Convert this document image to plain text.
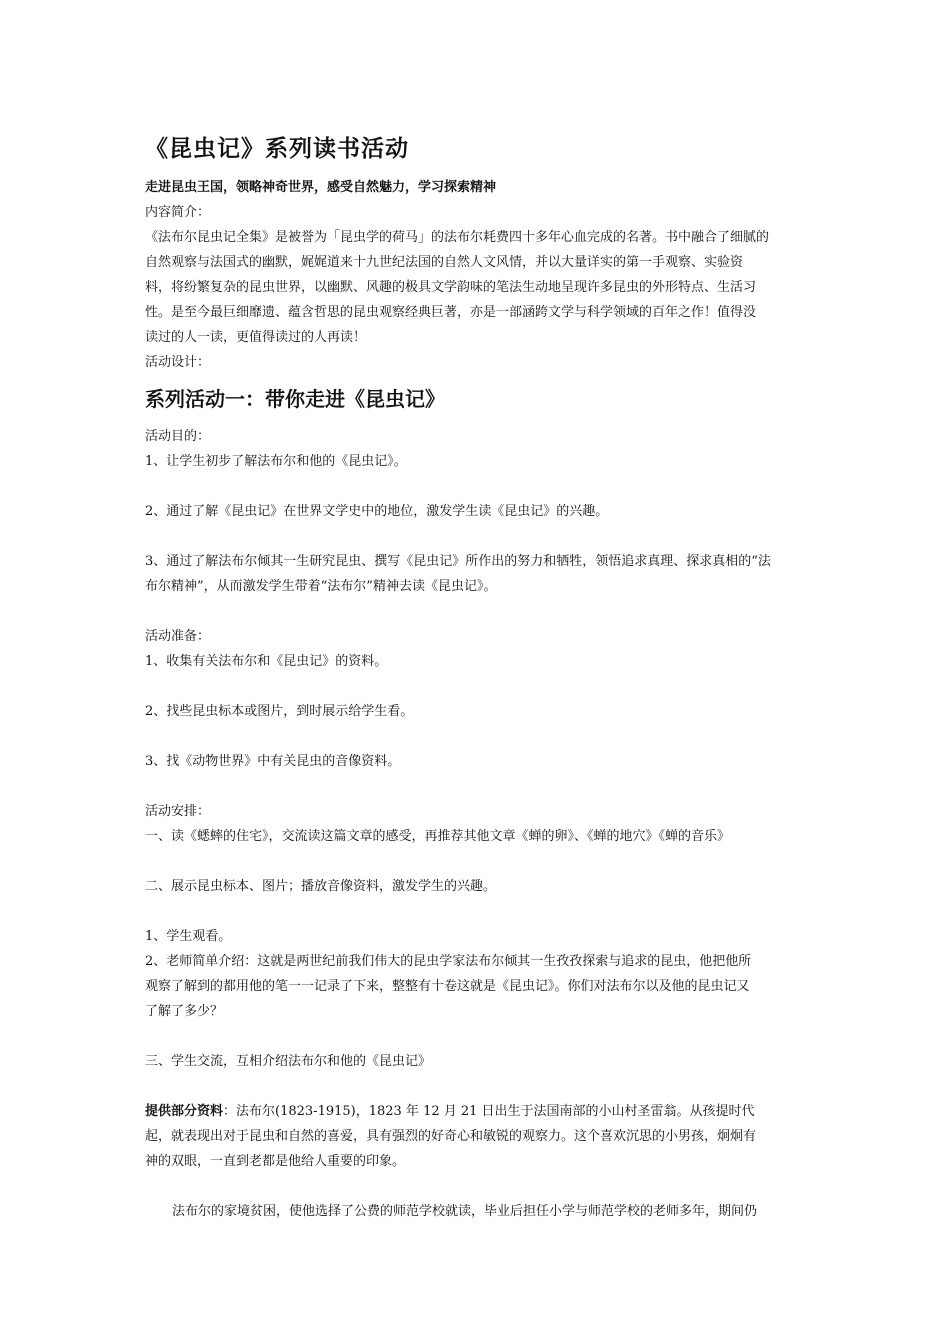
《昆虫记》系列读书活动
走进昆虫王国，领略神奇世界，感受自然魅力，学习探索精神
内容简介：
《法布尔昆虫记全集》是被誉为「昆虫学的荷马」的法布尔耗费四十多年心血完成的名著。书中融合了细腻的
自然观察与法国式的幽默，娓娓道来十九世纪法国的自然人文风情，并以大量详实的第一手观察、实验资
料，将纷繁复杂的昆虫世界，以幽默、风趣的极具文学韵味的笔法生动地呈现许多昆虫的外形特点、生活习
性。是至今最巨细靡遗、蕴含哲思的昆虫观察经典巨著，亦是一部涵跨文学与科学领域的百年之作！值得没
读过的人一读，更值得读过的人再读！
活动设计：
系列活动一：带你走进《昆虫记》
活动目的：
1、让学生初步了解法布尔和他的《昆虫记》。
2、通过了解《昆虫记》在世界文学史中的地位，激发学生读《昆虫记》的兴趣。
3、通过了解法布尔倾其一生研究昆虫、撰写《昆虫记》所作出的努力和牺牲，领悟追求真理、探求真相的“法
布尔精神”，从而激发学生带着“法布尔”精神去读《昆虫记》。
活动准备：
1、收集有关法布尔和《昆虫记》的资料。
2、找些昆虫标本或图片，到时展示给学生看。
3、找《动物世界》中有关昆虫的音像资料。
活动安排：
一、读《蟋蟀的住宅》，交流读这篇文章的感受，再推荐其他文章《蝉的卵》、《蝉的地穴》《蝉的音乐》
二、展示昆虫标本、图片；播放音像资料，激发学生的兴趣。
1、学生观看。
2、老师简单介绍：这就是两世纪前我们伟大的昆虫学家法布尔倾其一生孜孜探索与追求的昆虫，他把他所
观察了解到的都用他的笔一一记录了下来，整整有十卷这就是《昆虫记》。你们对法布尔以及他的昆虫记又
了解了多少？
三、学生交流，互相介绍法布尔和他的《昆虫记》
提供部分资料：法布尔(1823-1915)，1823 年 12 月 21 日出生于法国南部的小山村圣雷翁。从孩提时代
起，就表现出对于昆虫和自然的喜爱，具有强烈的好奇心和敏锐的观察力。这个喜欢沉思的小男孩，炯炯有
神的双眼，一直到老都是他给人重要的印象。
法布尔的家境贫困，使他选择了公费的师范学校就读，毕业后担任小学与师范学校的老师多年，期间仍
